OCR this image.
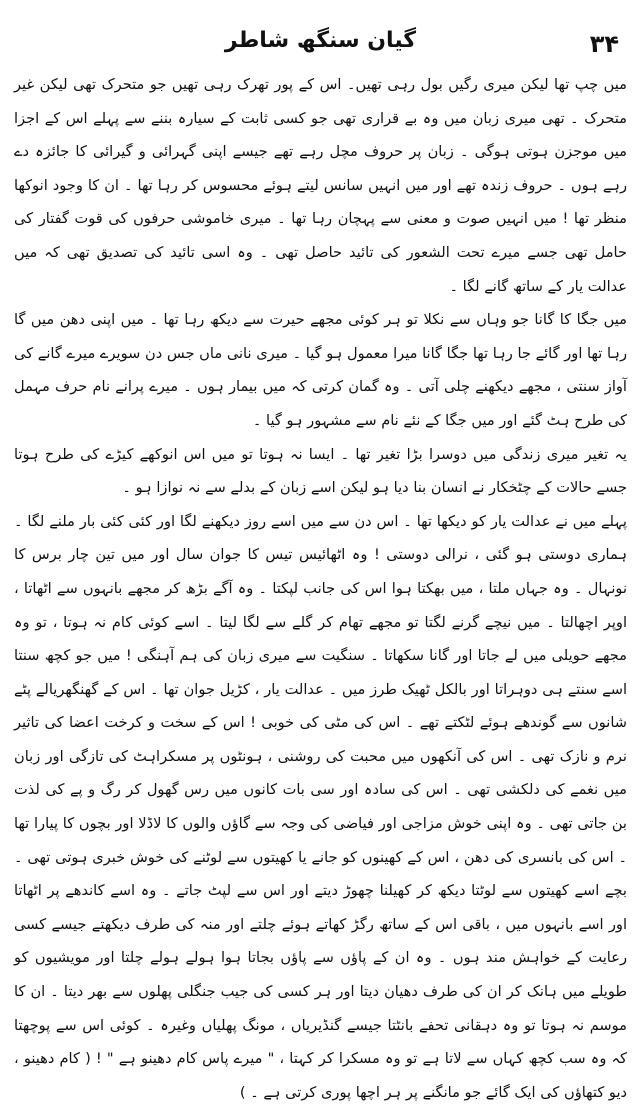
۳۴
گیان سنگھ شاطر

میں چپ تھا لیکن میری رگیں بول رہی تھیں۔ اس کے پور تھرک رہی تھیں جو متحرک تھی لیکن غیر متحرک ۔ تھی میری زبان میں وہ بے قراری تھی جو کسی ثابت کے سیارہ بننے سے پہلے اس کے اجزا میں موجزن ہوتی ہوگی ۔ زبان پر حروف مچل رہے تھے جیسے اپنی گہرائی و گیرائی کا جائزہ دے رہے ہوں ۔ حروف زندہ تھے اور میں انہیں سانس لیتے ہوئے محسوس کر رہا تھا ۔ ان کا وجود انوکھا منظر تھا ! میں انہیں صوت و معنی سے پہچان رہا تھا ۔ میری خاموشی حرفوں کی قوت گفتار کی حامل تھی جسے میرے تحت الشعور کی تائید حاصل تھی ۔ وہ اسی تائید کی تصدیق تھی کہ میں عدالت یار کے ساتھ گانے لگا ۔

میں جگا کا گانا جو وہاں سے نکلا تو ہر کوئی مجھے حیرت سے دیکھ رہا تھا ۔ میں اپنی دھن میں گا رہا تھا اور گائے جا رہا تھا جگا گانا میرا معمول ہو گیا ۔ میری نانی ماں جس دن سویرے میرے گانے کی آواز سنتی ، مجھے دیکھنے چلی آتی ۔ وہ گمان کرتی کہ میں بیمار ہوں ۔ میرے پرانے نام حرف مہمل کی طرح ہٹ گئے اور میں جگا کے نئے نام سے مشہور ہو گیا ۔

یہ تغیر میری زندگی میں دوسرا بڑا تغیر تھا ۔ ایسا نہ ہوتا تو میں اس انوکھے کیڑے کی طرح ہوتا جسے حالات کے چٹخکار نے انسان بنا دیا ہو لیکن اسے زبان کے بدلے سے نہ نوازا ہو ۔

پہلے میں نے عدالت یار کو دیکھا تھا ۔ اس دن سے میں اسے روز دیکھنے لگا اور کئی کئی بار ملنے لگا ۔ ہماری دوستی ہو گئی ، نرالی دوستی ! وہ اٹھائیس تیس کا جوان سال اور میں تین چار برس کا نونہال ۔ وہ جہاں ملتا ، میں بھکتا ہوا اس کی جانب لپکتا ۔ وہ آگے بڑھ کر مجھے بانہوں سے اٹھاتا ، اوپر اچھالتا ۔ میں نیچے گرنے لگتا تو مجھے تھام کر گلے سے لگا لیتا ۔ اسے کوئی کام نہ ہوتا ، تو وہ مجھے حویلی میں لے جاتا اور گانا سکھاتا ۔ سنگیت سے میری زبان کی ہم آہنگی ! میں جو کچھ سنتا اسے سنتے ہی دوہراتا اور بالکل ٹھیک طرز میں ۔ عدالت یار ، کڑیل جوان تھا ۔ اس کے گھنگھریالے پٹے شانوں سے گوندھے ہوئے لٹکتے تھے ۔ اس کی مٹی کی خوبی ! اس کے سخت و کرخت اعضا کی تاثیر نرم و نازک تھی ۔ اس کی آنکھوں میں محبت کی روشنی ، ہونٹوں پر مسکراہٹ کی تازگی اور زبان میں نغمے کی دلکشی تھی ۔ اس کی سادہ اور سی بات کانوں میں رس گھول کر رگ و پے کی لذت بن جاتی تھی ۔ وہ اپنی خوش مزاجی اور فیاضی کی وجہ سے گاؤں والوں کا لاڈلا اور بچوں کا پیارا تھا ۔ اس کی بانسری کی دھن ، اس کے کھینوں کو جانے یا کھیتوں سے لوٹنے کی خوش خبری ہوتی تھی ۔ بچے اسے کھیتوں سے لوٹتا دیکھ کر کھیلنا چھوڑ دیتے اور اس سے لپٹ جاتے ۔ وہ اسے کاندھے پر اٹھاتا اور اسے بانہوں میں ، باقی اس کے ساتھ رگڑ کھاتے ہوئے چلتے اور منہ کی طرف دیکھتے جیسے کسی رعایت کے خواہش مند ہوں ۔ وہ ان کے پاؤں سے پاؤں بجاتا ہوا ہولے ہولے چلتا اور مویشیوں کو طویلے میں ہانک کر ان کی طرف دھیان دیتا اور ہر کسی کی جیب جنگلی پھلوں سے بھر دیتا ۔ ان کا موسم نہ ہوتا تو وہ دہقانی تحفے بانٹتا جیسے گنڈیریاں ، مونگ پھلیاں وغیرہ ۔ کوئی اس سے پوچھتا کہ وہ سب کچھ کہاں سے لاتا ہے تو وہ مسکرا کر کہتا ، " میرے پاس کام دھینو ہے " ! ( کام دھینو ، دیو کتھاؤں کی ایک گائے جو مانگنے پر ہر اچھا پوری کرتی ہے ۔ )
